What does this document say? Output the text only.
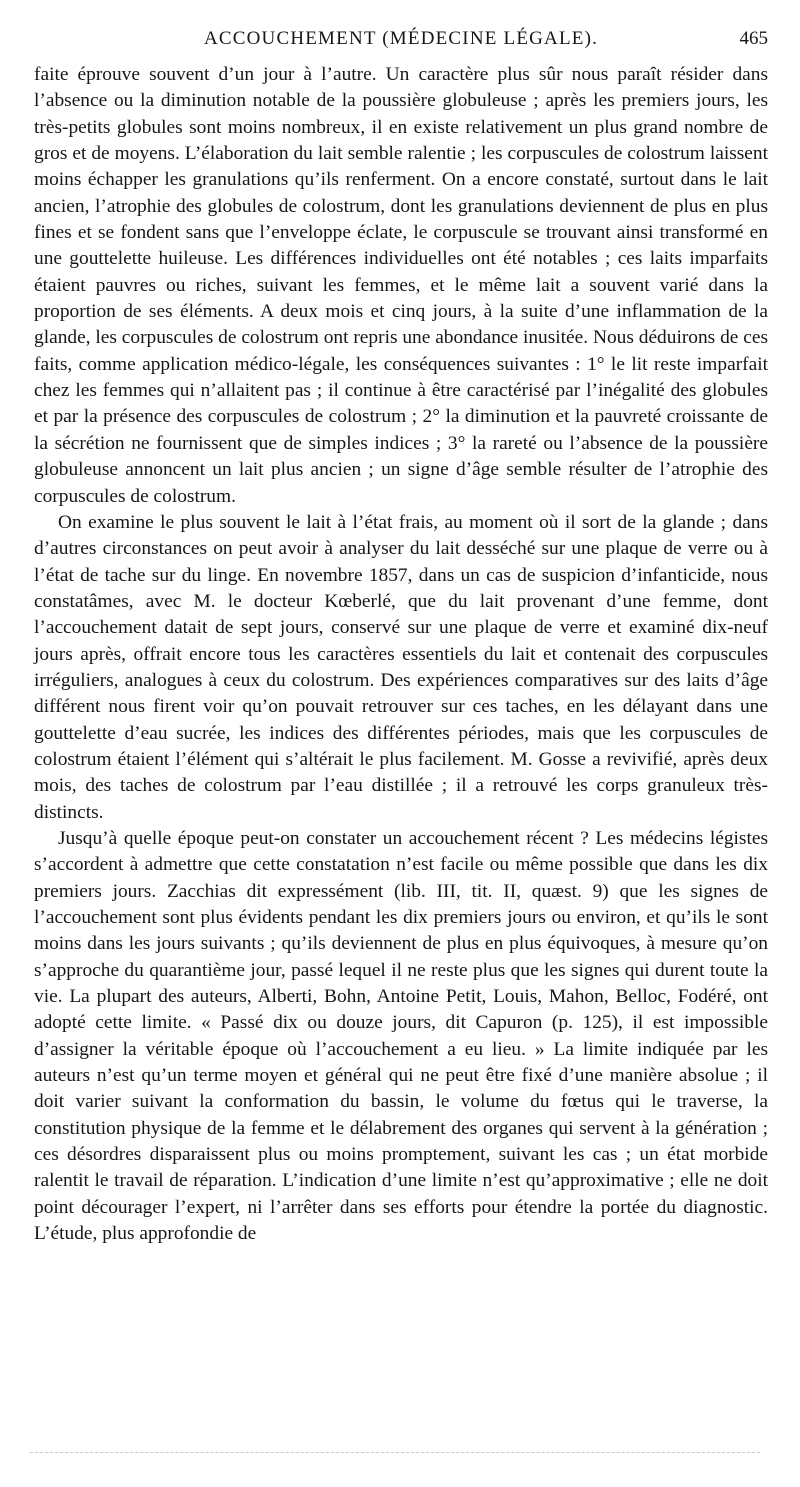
ACCOUCHEMENT (MÉDECINE LÉGALE).	465

faite éprouve souvent d’un jour à l’autre. Un caractère plus sûr nous paraît résider dans l’absence ou la diminution notable de la poussière globuleuse ; après les premiers jours, les très-petits globules sont moins nombreux, il en existe relativement un plus grand nombre de gros et de moyens. L’élaboration du lait semble ralentie ; les corpuscules de colostrum laissent moins échapper les granulations qu’ils renferment. On a encore constaté, surtout dans le lait ancien, l’atrophie des globules de colostrum, dont les granulations deviennent de plus en plus fines et se fondent sans que l’enveloppe éclate, le corpuscule se trouvant ainsi transformé en une gouttelette huileuse. Les différences individuelles ont été notables ; ces laits imparfaits étaient pauvres ou riches, suivant les femmes, et le même lait a souvent varié dans la proportion de ses éléments. A deux mois et cinq jours, à la suite d’une inflammation de la glande, les corpuscules de colostrum ont repris une abondance inusitée. Nous déduirons de ces faits, comme application médico-légale, les conséquences suivantes : 1° le lit reste imparfait chez les femmes qui n’allaitent pas ; il continue à être caractérisé par l’inégalité des globules et par la présence des corpuscules de colostrum ; 2° la diminution et la pauvreté croissante de la sécrétion ne fournissent que de simples indices ; 3° la rareté ou l’absence de la poussière globuleuse annoncent un lait plus ancien ; un signe d’âge semble résulter de l’atrophie des corpuscules de colostrum.

On examine le plus souvent le lait à l’état frais, au moment où il sort de la glande ; dans d’autres circonstances on peut avoir à analyser du lait desséché sur une plaque de verre ou à l’état de tache sur du linge. En novembre 1857, dans un cas de suspicion d’infanticide, nous constatâmes, avec M. le docteur Kœberlé, que du lait provenant d’une femme, dont l’accouchement datait de sept jours, conservé sur une plaque de verre et examiné dix-neuf jours après, offrait encore tous les caractères essentiels du lait et contenait des corpuscules irréguliers, analogues à ceux du colostrum. Des expériences comparatives sur des laits d’âge différent nous firent voir qu’on pouvait retrouver sur ces taches, en les délayant dans une gouttelette d’eau sucrée, les indices des différentes périodes, mais que les corpuscules de colostrum étaient l’élément qui s’altérait le plus facilement. M. Gosse a revivifié, après deux mois, des taches de colostrum par l’eau distillée ; il a retrouvé les corps granuleux très-distincts.

Jusqu’à quelle époque peut-on constater un accouchement récent ? Les médecins légistes s’accordent à admettre que cette constatation n’est facile ou même possible que dans les dix premiers jours. Zacchias dit expressément (lib. III, tit. II, quæst. 9) que les signes de l’accouchement sont plus évidents pendant les dix premiers jours ou environ, et qu’ils le sont moins dans les jours suivants ; qu’ils deviennent de plus en plus équivoques, à mesure qu’on s’approche du quarantième jour, passé lequel il ne reste plus que les signes qui durent toute la vie. La plupart des auteurs, Alberti, Bohn, Antoine Petit, Louis, Mahon, Belloc, Fodéré, ont adopté cette limite. « Passé dix ou douze jours, dit Capuron (p. 125), il est impossible d’assigner la véritable époque où l’accouchement a eu lieu. » La limite indiquée par les auteurs n’est qu’un terme moyen et général qui ne peut être fixé d’une manière absolue ; il doit varier suivant la conformation du bassin, le volume du fœtus qui le traverse, la constitution physique de la femme et le délabrement des organes qui servent à la génération ; ces désordres disparaissent plus ou moins promptement, suivant les cas ; un état morbide ralentit le travail de réparation. L’indication d’une limite n’est qu’approximative ; elle ne doit point décourager l’expert, ni l’arrêter dans ses efforts pour étendre la portée du diagnostic. L’étude, plus approfondie de
